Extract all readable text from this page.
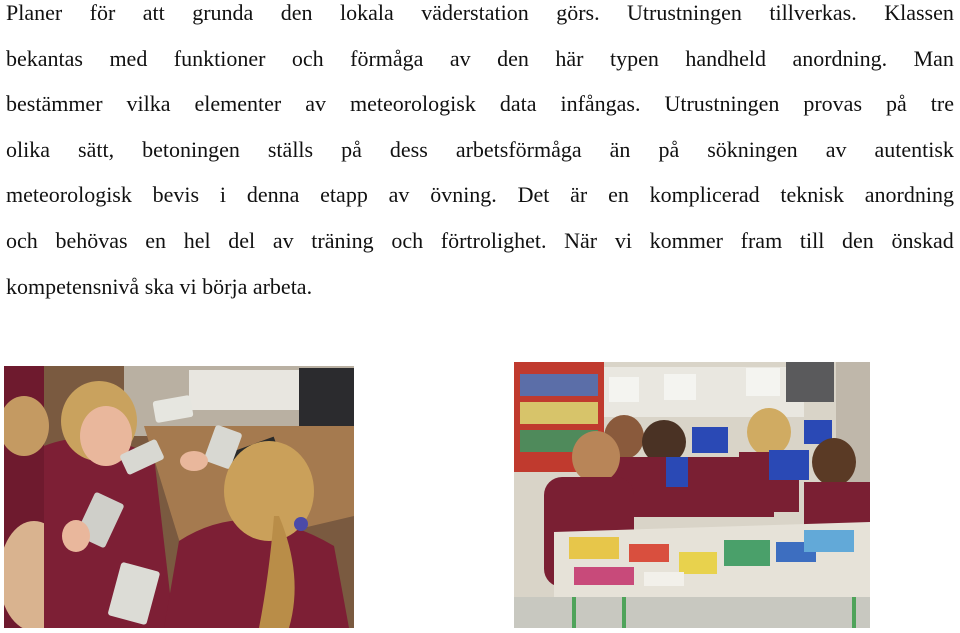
Planer för att grunda den lokala väderstation görs. Utrustningen tillverkas. Klassen
bekantas med funktioner och förmåga av den här typen handheld anordning. Man
bestämmer vilka elementer av meteorologisk data infångas. Utrustningen provas på tre
olika sätt, betoningen ställs på dess arbetsförmåga än på sökningen av autentisk
meteorologisk bevis i denna etapp av övning. Det är en komplicerad teknisk anordning
och behövas en hel del av träning och förtrolighet. När vi kommer fram till den önskad
kompetensnivå ska vi börja arbeta.
